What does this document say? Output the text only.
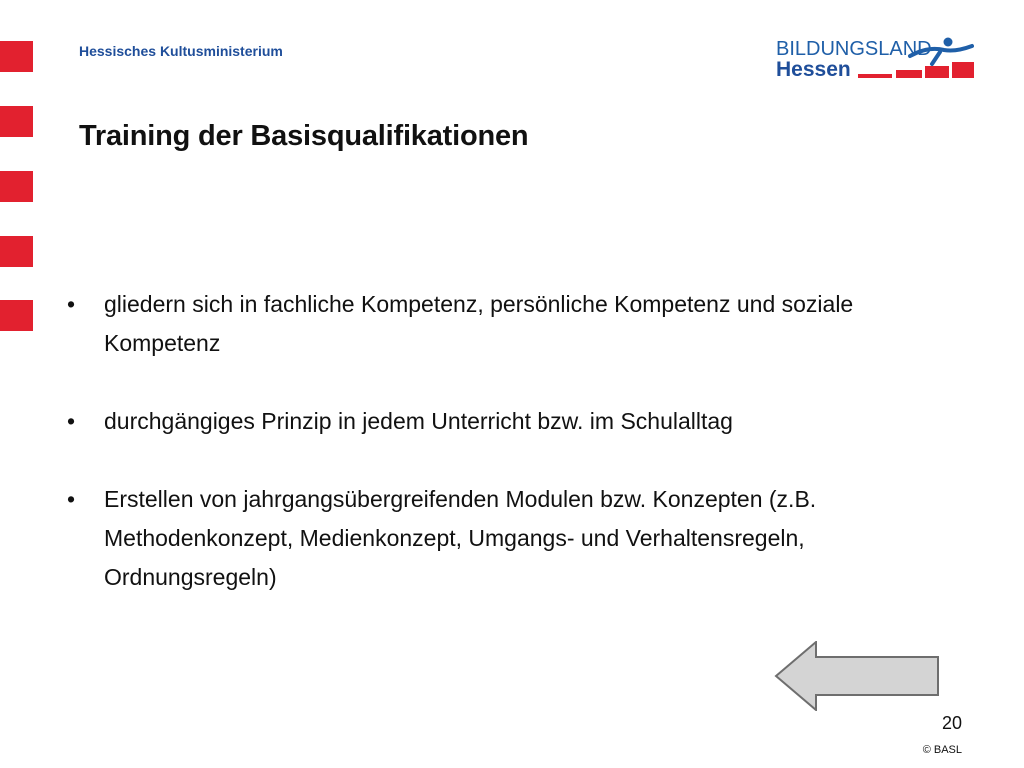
Hessisches Kultusministerium	BILDUNGSLAND
Hessen
Training der Basisqualifikationen
• gliedern sich in fachliche Kompetenz, persönliche Kompetenz und soziale Kompetenz
• durchgängiges Prinzip in jedem Unterricht bzw. im Schulalltag
• Erstellen von jahrgangsübergreifenden Modulen bzw. Konzepten (z.B. Methodenkonzept, Medienkonzept, Umgangs- und Verhaltensregeln, Ordnungsregeln)
20
© BASL
